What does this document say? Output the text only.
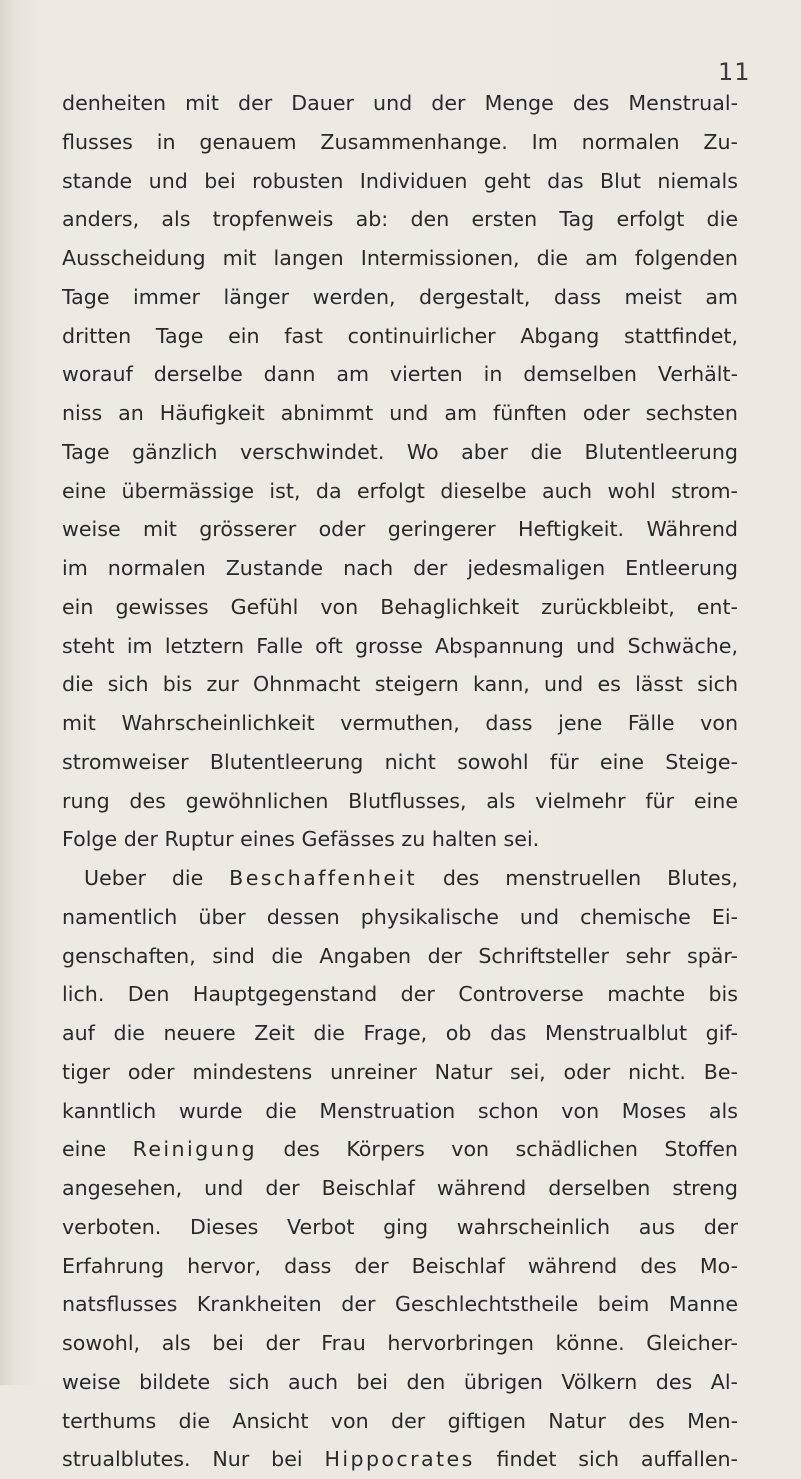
11
denheiten mit der Dauer und der Menge des Menstrual-
flusses in genauem Zusammenhange. Im normalen Zu-
stande und bei robusten Individuen geht das Blut niemals
anders, als tropfenweis ab: den ersten Tag erfolgt die
Ausscheidung mit langen Intermissionen, die am folgenden
Tage immer länger werden, dergestalt, dass meist am
dritten Tage ein fast continuirlicher Abgang stattfindet,
worauf derselbe dann am vierten in demselben Verhält-
niss an Häufigkeit abnimmt und am fünften oder sechsten
Tage gänzlich verschwindet. Wo aber die Blutentleerung
eine übermässige ist, da erfolgt dieselbe auch wohl strom-
weise mit grösserer oder geringerer Heftigkeit. Während
im normalen Zustande nach der jedesmaligen Entleerung
ein gewisses Gefühl von Behaglichkeit zurückbleibt, ent-
steht im letztern Falle oft grosse Abspannung und Schwäche,
die sich bis zur Ohnmacht steigern kann, und es lässt sich
mit Wahrscheinlichkeit vermuthen, dass jene Fälle von
stromweiser Blutentleerung nicht sowohl für eine Steige-
rung des gewöhnlichen Blutflusses, als vielmehr für eine
Folge der Ruptur eines Gefässes zu halten sei.
Ueber die Beschaffenheit des menstruellen Blutes,
namentlich über dessen physikalische und chemische Ei-
genschaften, sind die Angaben der Schriftsteller sehr spär-
lich. Den Hauptgegenstand der Controverse machte bis
auf die neuere Zeit die Frage, ob das Menstrualblut gif-
tiger oder mindestens unreiner Natur sei, oder nicht. Be-
kanntlich wurde die Menstruation schon von Moses als
eine Reinigung des Körpers von schädlichen Stoffen
angesehen, und der Beischlaf während derselben streng
verboten. Dieses Verbot ging wahrscheinlich aus der
Erfahrung hervor, dass der Beischlaf während des Mo-
natsflusses Krankheiten der Geschlechtstheile beim Manne
sowohl, als bei der Frau hervorbringen könne. Gleicher-
weise bildete sich auch bei den übrigen Völkern des Al-
terthums die Ansicht von der giftigen Natur des Men-
strualblutes. Nur bei Hippocrates findet sich auffallen-
